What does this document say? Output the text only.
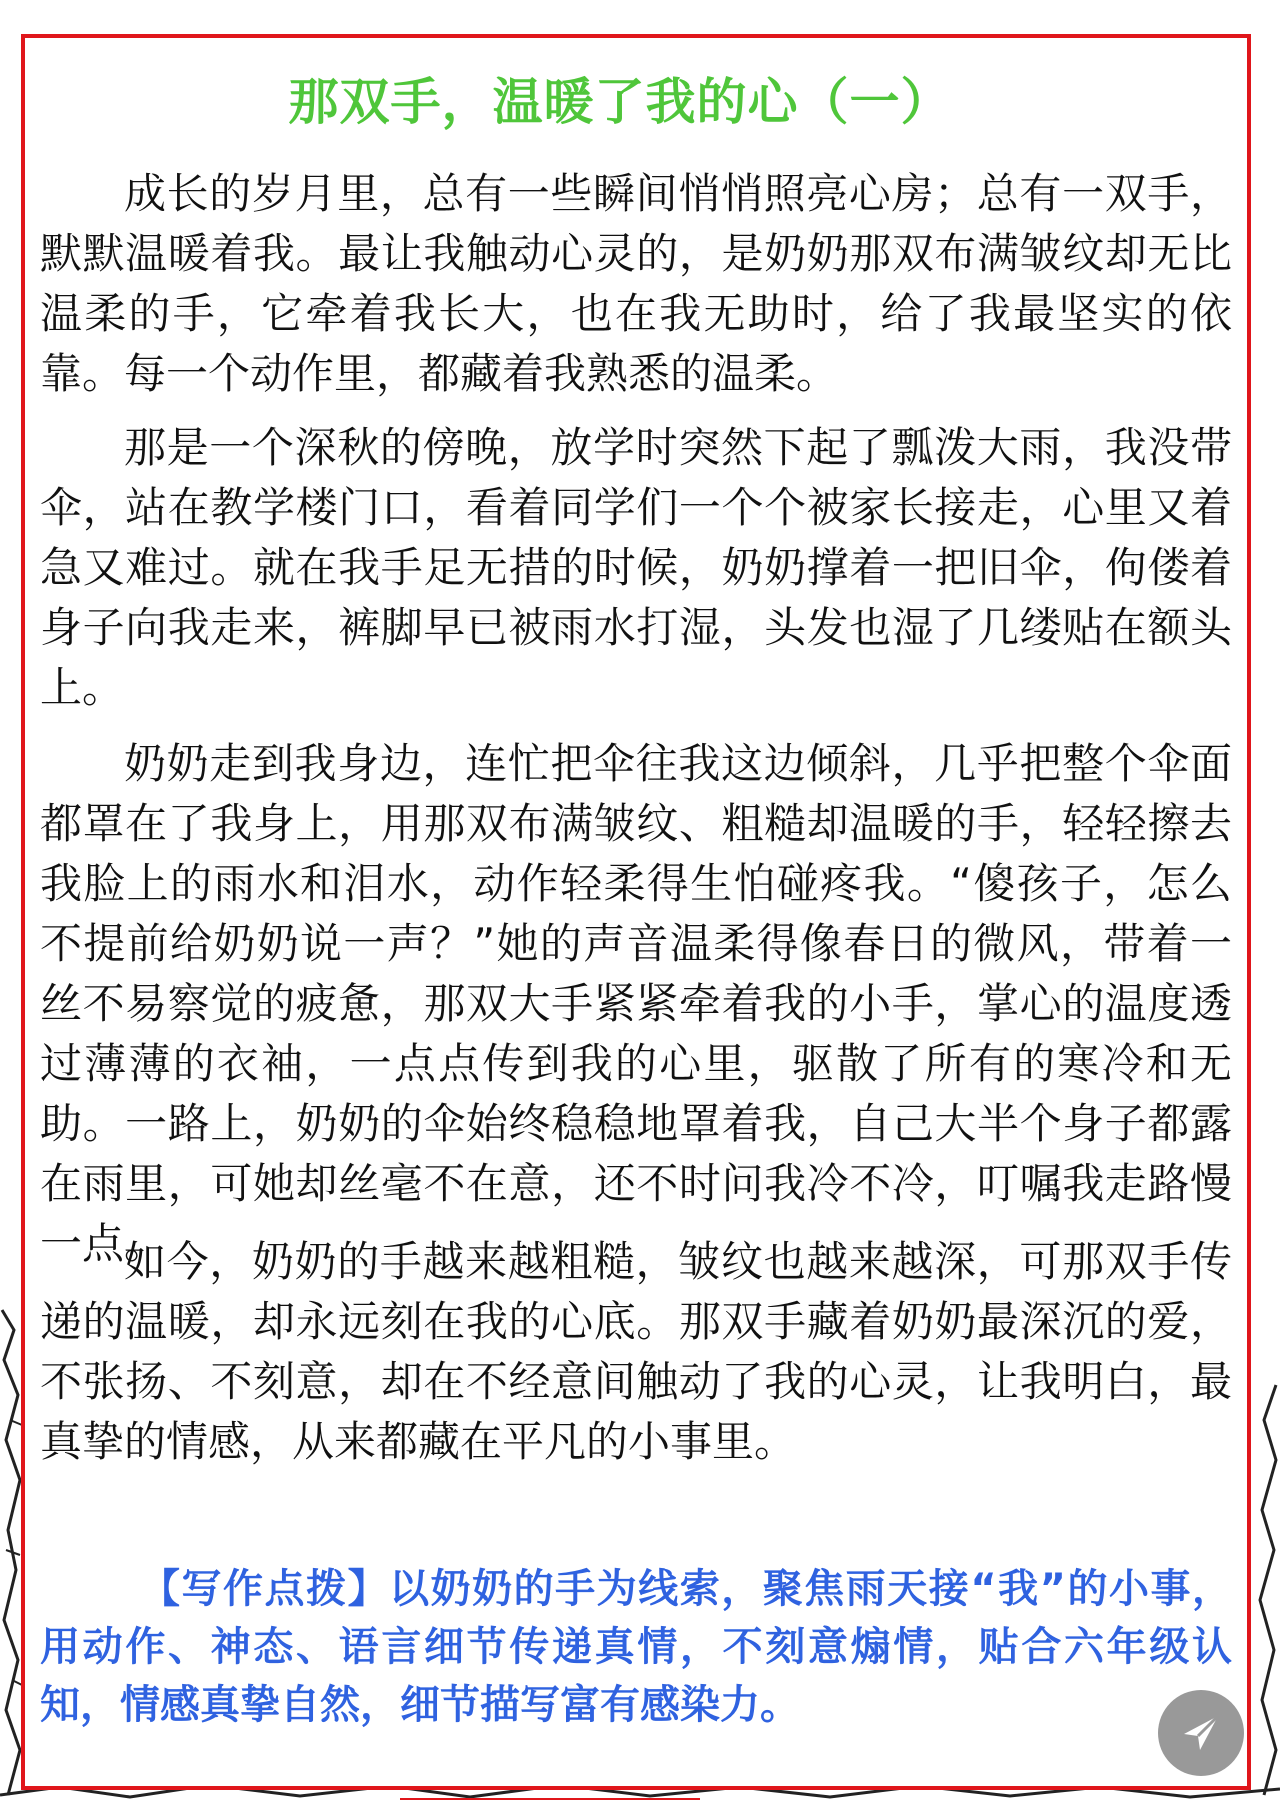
那双手，温暖了我的心（一）

成长的岁月里，总有一些瞬间悄悄照亮心房；总有一双手，默默温暖着我。最让我触动心灵的，是奶奶那双布满皱纹却无比温柔的手，它牵着我长大，也在我无助时，给了我最坚实的依靠。每一个动作里，都藏着我熟悉的温柔。

那是一个深秋的傍晚，放学时突然下起了瓢泼大雨，我没带伞，站在教学楼门口，看着同学们一个个被家长接走，心里又着急又难过。就在我手足无措的时候，奶奶撑着一把旧伞，佝偻着身子向我走来，裤脚早已被雨水打湿，头发也湿了几缕贴在额头上。

奶奶走到我身边，连忙把伞往我这边倾斜，几乎把整个伞面都罩在了我身上，用那双布满皱纹、粗糙却温暖的手，轻轻擦去我脸上的雨水和泪水，动作轻柔得生怕碰疼我。“傻孩子，怎么不提前给奶奶说一声？”她的声音温柔得像春日的微风，带着一丝不易察觉的疲惫，那双大手紧紧牵着我的小手，掌心的温度透过薄薄的衣袖，一点点传到我的心里，驱散了所有的寒冷和无助。一路上，奶奶的伞始终稳稳地罩着我，自己大半个身子都露在雨里，可她却丝毫不在意，还不时问我冷不冷，叮嘱我走路慢一点。

如今，奶奶的手越来越粗糙，皱纹也越来越深，可那双手传递的温暖，却永远刻在我的心底。那双手藏着奶奶最深沉的爱，不张扬、不刻意，却在不经意间触动了我的心灵，让我明白，最真挚的情感，从来都藏在平凡的小事里。

【写作点拨】以奶奶的手为线索，聚焦雨天接“我”的小事，用动作、神态、语言细节传递真情，不刻意煽情，贴合六年级认知，情感真挚自然，细节描写富有感染力。
